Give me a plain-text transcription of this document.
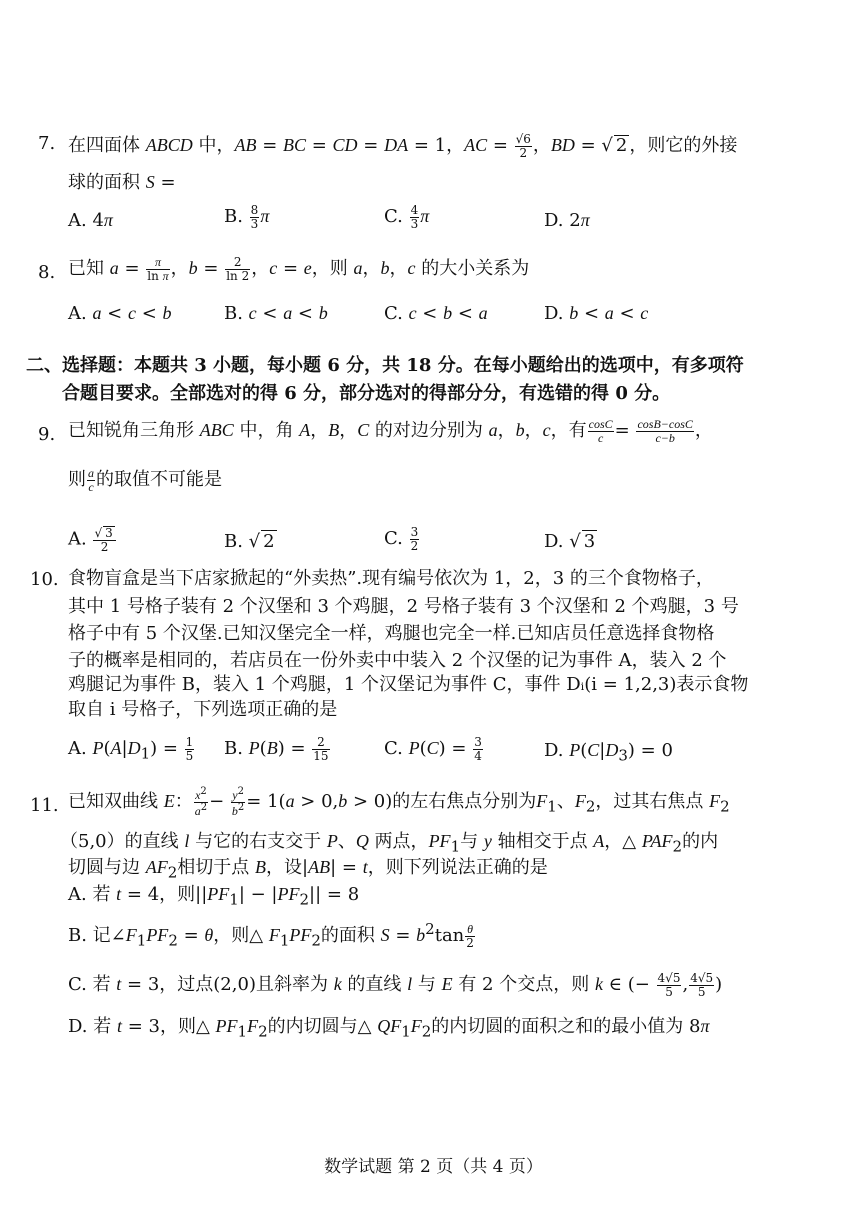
7. 在四面体 ABCD 中，AB = BC = CD = DA = 1，AC = $\frac{√6}{2}$ ，BD = √ 2 ，则它的外接
球的面积 S =
A. 4π	B. $\frac{8}{3}$ π	C. $\frac{4}{3}$ π	D. 2π
8. 已知 $a = \frac{\pi}{\text{ln π}}$ ，$b = \frac{2}{\ln 2}$ ，c = e，则 a，b，c 的大小关系为
A. a < c < b	B. c < a < b	C. c < b < a	D. b < a < c
二、选择题：本题共 3 小题，每小题 6 分，共 18 分。在每小题给出的选项中，有多项符
合题目要求。全部选对的得 6 分，部分选对的得部分分，有选错的得 0 分。
9. 已知锐角三角形 ABC 中，角 A，B，C 的对边分别为 a，b，c，有 $\frac{\cos C}{c} = \frac{\cos B-\cos C}{c-b}$ ，
则 $\frac{a}{c}$ 的取值不可能是
A. $\frac{√ 3}{2}$	B. √ 2	C. $\frac{3}{2}$	D. √ 3
10. 食物盲盒是当下店家掀起的“外卖热”.现有编号依次为 1，2，3 的三个食物格子，
其中 1 号格子装有 2 个汉堡和 3 个鸡腿，2 号格子装有 3 个汉堡和 2 个鸡腿，3 号
格子中有 5 个汉堡.已知汉堡完全一样，鸡腿也完全一样.已知店员任意选择食物格
子的概率是相同的，若店员在一份外卖中中装入 2 个汉堡的记为事件 A，装入 2 个
鸡腿记为事件 B，装入 1 个鸡腿，1 个汉堡记为事件 C，事件 Dᵢ(i = 1,2,3)表示食物
取自 i 号格子，下列选项正确的是
A. $P(A|D_1) = \frac{1}{5} B$. $P(B) = \frac{2}{15}$	C. $P(C) = \frac{3}{4}$	D. $P(C|D_3) = 0$
11. 已知双曲线 E： $\frac{x^2}{a^2} - \frac{y^2}{b^2} = 1(a > 0,b > 0)$的左右焦点分别为$F_1$、$F_2$，过其右焦点 $F_2$
（5,0）的直线 l 与它的右支交于 P、Q 两点，$PF_1$与 y 轴相交于点 A，△ $PAF_2$的内
切圆与边 $AF_2$相切于点 B，设|AB| = t，则下列说法正确的是
A. 若 t = 4，则$||PF_1| - |PF_2|| = 8$
B. 记$\angle F_1PF_2 = \theta$，则△ $F_1PF_2$的面积 $S = b^2\tan \frac{\theta}{2}$
C. 若 t = 3，过点(2,0)且斜率为 k 的直线 l 与 E 有 2 个交点，则 k ∈ (− $\frac{4√5}{5}$ , $\frac{4√5}{5}$ )
D. 若 t = 3，则△ $PF_1F_2$的内切圆与△ $QF_1F_2$的内切圆的面积之和的最小值为 8π
数学试题 第 2 页（共 4 页）
